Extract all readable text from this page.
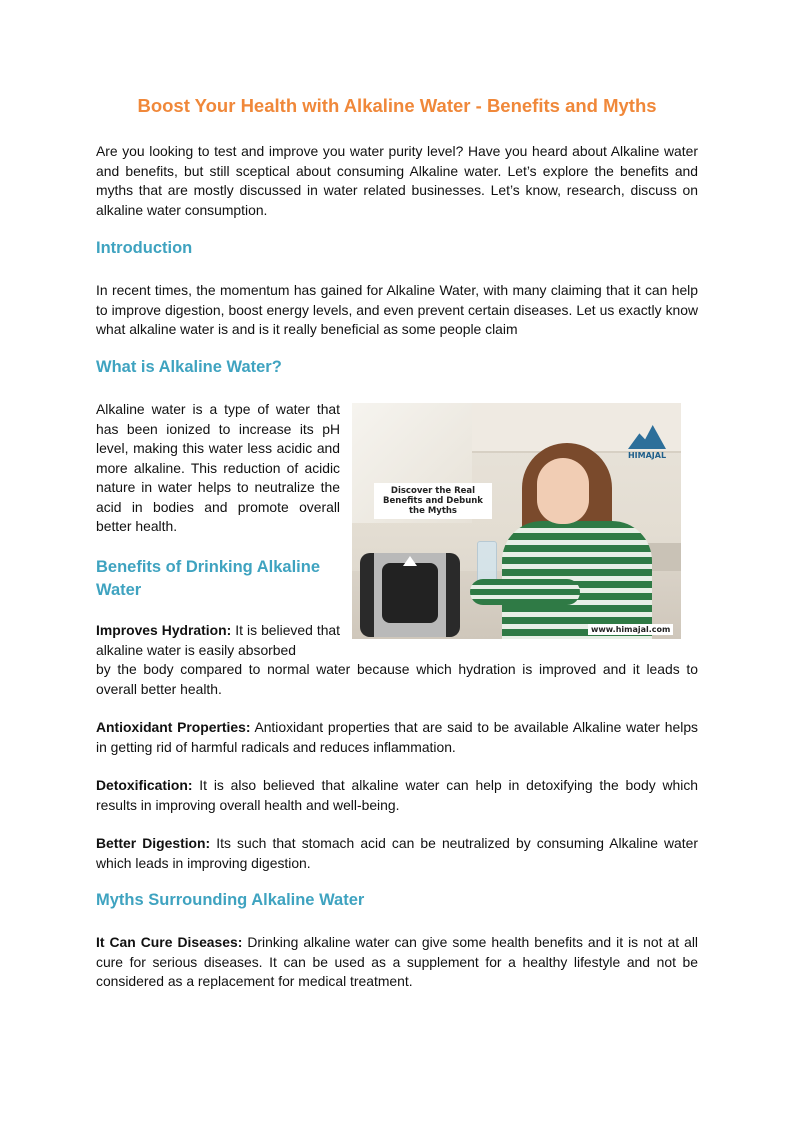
Boost Your Health with Alkaline Water - Benefits and Myths

Are you looking to test and improve you water purity level? Have you heard about Alkaline water and benefits, but still sceptical about consuming Alkaline water. Let’s explore the benefits and myths that are mostly discussed in water related businesses. Let’s know, research, discuss on alkaline water consumption.

Introduction

In recent times, the momentum has gained for Alkaline Water, with many claiming that it can help to improve digestion, boost energy levels, and even prevent certain diseases. Let us exactly know what alkaline water is and is it really beneficial as some people claim

What is Alkaline Water?

Alkaline water is a type of water that has been ionized to increase its pH level, making this water less acidic and more alkaline. This reduction of acidic nature in water helps to neutralize the acid in bodies and promote overall better health.

Benefits of Drinking Alkaline
Water

Improves Hydration: It is believed that alkaline water is easily absorbed

by the body compared to normal water because which hydration is improved and it leads to overall better health.

Antioxidant Properties: Antioxidant properties that are said to be available Alkaline water helps in getting rid of harmful radicals and reduces inflammation.

Detoxification: It is also believed that alkaline water can help in detoxifying the body which results in improving overall health and well-being.

Better Digestion: Its such that stomach acid can be neutralized by consuming Alkaline water which leads in improving digestion.

Myths Surrounding Alkaline Water

It Can Cure Diseases: Drinking alkaline water can give some health benefits and it is not at all cure for serious diseases. It can be used as a supplement for a healthy lifestyle and not be considered as a replacement for medical treatment.

Discover the Real
Benefits and Debunk
the Myths
HIMAJAL
www.himajal.com
